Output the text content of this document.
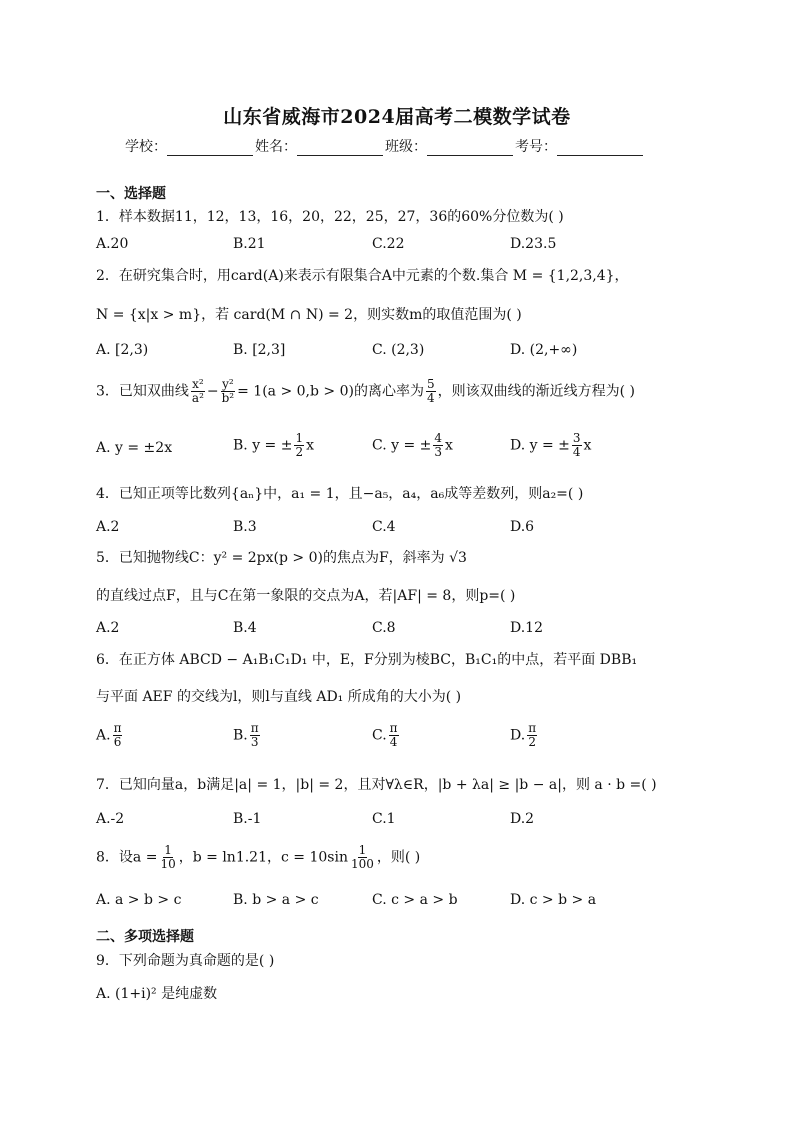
山东省威海市2024届高考二模数学试卷
学校：	姓名：	班级：	考号：
一、选择题
1．样本数据11，12，13，16，20，22，25，27，36的60%分位数为( )
A.20	B.21	C.22	D.23.5
2．在研究集合时，用card(A)来表示有限集合A中元素的个数.集合 M = {1,2,3,4}，
N = {x|x > m}，若 card(M ∩ N) = 2，则实数m的取值范围为( )
A. [2,3)	B. [2,3]	C. (2,3)	D. (2,+∞)
3．已知双曲线 $\frac{\text{x²}}{\text{a²}} - \frac{\text{y²}}{\text{b²}} = 1(a > 0,b > 0)$的离心率为 $\frac{5}{4}$ ，则该双曲线的渐近线方程为( )
A. y = ±2x	B. y = ± $\frac{1}{2}$ x	C. y = ± $\frac{4}{3}$ x	D. y = ± $\frac{3}{4}$ x
4．已知正项等比数列{aₙ}中，a₁ = 1，且−a₅，a₄，a₆成等差数列，则a₂=( )
A.2	B.3	C.4	D.6
5．已知抛物线C：y² = 2px(p > 0)的焦点为F，斜率为 √3
的直线过点F，且与C在第一象限的交点为A，若|AF| = 8，则p=( )
A.2	B.4	C.8	D.12
6．在正方体 ABCD − A₁B₁C₁D₁ 中，E，F分别为棱BC，B₁C₁的中点，若平面 DBB₁
与平面 AEF 的交线为l，则l与直线 AD₁ 所成角的大小为( )
A. $\frac{\pi}{6}$	B. $\frac{\pi}{3}$	C. $\frac{\pi}{4}$	D. $\frac{\pi}{2}$
7．已知向量a，b满足|a| = 1，|b| = 2，且对∀λ∈R，|b + λa| ≥ |b − a|，则 a · b =( )
A.-2	B.-1	C.1	D.2
8．设$a = \frac{1}{10}$ ，b = ln1.21，$c = 10\sin \frac{1}{100}$ ，则( )
A. a > b > c	B. b > a > c	C. c > a > b	D. c > b > a
二、多项选择题
9．下列命题为真命题的是( )
A. (1+i)² 是纯虚数
